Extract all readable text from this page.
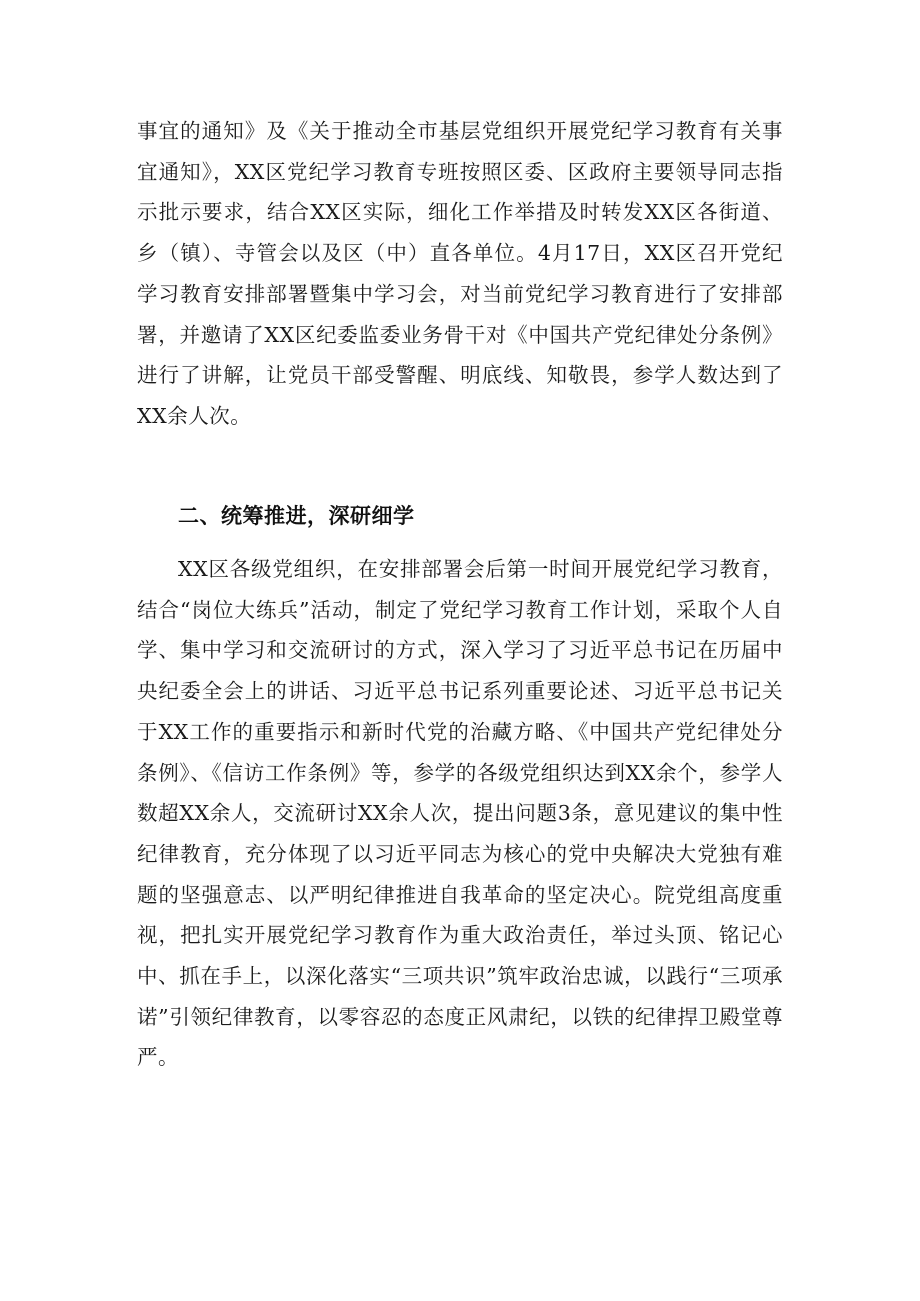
事宜的通知》及《关于推动全市基层党组织开展党纪学习教育有关事宜通知》，XX区党纪学习教育专班按照区委、区政府主要领导同志指示批示要求，结合XX区实际，细化工作举措及时转发XX区各街道、乡（镇）、寺管会以及区（中）直各单位。4月17日，XX区召开党纪学习教育安排部署暨集中学习会，对当前党纪学习教育进行了安排部署，并邀请了XX区纪委监委业务骨干对《中国共产党纪律处分条例》进行了讲解，让党员干部受警醒、明底线、知敬畏，参学人数达到了XX余人次。

二、统筹推进，深研细学

XX区各级党组织，在安排部署会后第一时间开展党纪学习教育，结合“岗位大练兵”活动，制定了党纪学习教育工作计划，采取个人自学、集中学习和交流研讨的方式，深入学习了习近平总书记在历届中央纪委全会上的讲话、习近平总书记系列重要论述、习近平总书记关于XX工作的重要指示和新时代党的治藏方略、《中国共产党纪律处分条例》、《信访工作条例》等，参学的各级党组织达到XX余个，参学人数超XX余人，交流研讨XX余人次，提出问题3条，意见建议的集中性纪律教育，充分体现了以习近平同志为核心的党中央解决大党独有难题的坚强意志、以严明纪律推进自我革命的坚定决心。院党组高度重视，把扎实开展党纪学习教育作为重大政治责任，举过头顶、铭记心中、抓在手上，以深化落实“三项共识”筑牢政治忠诚，以践行“三项承诺”引领纪律教育，以零容忍的态度正风肃纪，以铁的纪律捍卫殿堂尊严。
